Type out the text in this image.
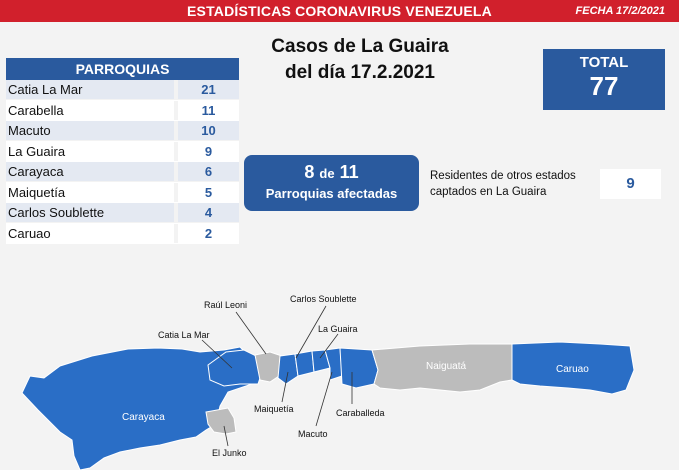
ESTADÍSTICAS CORONAVIRUS VENEZUELA	FECHA 17/2/2021
Casos de La Guaira
del día 17.2.2021	TOTAL
77
PARROQUIAS
Catia La Mar	21
Carabella	11
Macuto	10
La Guaira	9
Carayaca	6
Maiquetía	5
Carlos Soublette	4
Caruao	2
8 de 11
Parroquias afectadas
Residentes de otros estados captados en La Guaira	9
Raúl Leoni
Carlos Soublette
Catia La Mar
La Guaira
Naiguatá	Caruao
Carayaca
Maiquetía	Caraballeda
Macuto
El Junko
